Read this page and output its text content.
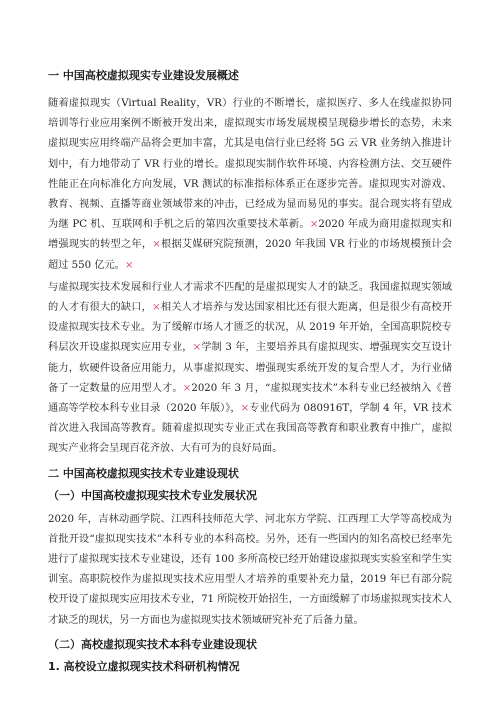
一 中国高校虚拟现实专业建设发展概述

随着虚拟现实（Virtual Reality，VR）行业的不断增长，虚拟医疗、多人在线虚拟协同培训等行业应用案例不断被开发出来，虚拟现实市场发展规模呈现稳步增长的态势，未来虚拟现实应用终端产品将会更加丰富，尤其是电信行业已经将 5G 云 VR 业务纳入推进计划中，有力地带动了 VR 行业的增长。虚拟现实制作软件环境、内容检测方法、交互硬件性能正在向标准化方向发展，VR 测试的标准指标体系正在逐步完善。虚拟现实对游戏、教育、视频、直播等商业领域带来的冲击，已经成为显而易见的事实。混合现实将有望成为继 PC 机、互联网和手机之后的第四次重要技术革新。×2020 年成为商用虚拟现实和增强现实的转型之年，×根据艾媒研究院预测，2020 年我国 VR 行业的市场规模预计会超过 550 亿元。×

与虚拟现实技术发展和行业人才需求不匹配的是虚拟现实人才的缺乏。我国虚拟现实领域的人才有很大的缺口，×相关人才培养与发达国家相比还有很大距离，但是很少有高校开设虚拟现实技术专业。为了缓解市场人才匮乏的状况，从 2019 年开始，全国高职院校专科层次开设虚拟现实应用专业，×学制 3 年，主要培养具有虚拟现实、增强现实交互设计能力，软硬件设备应用能力，从事虚拟现实、增强现实系统开发的复合型人才，为行业储备了一定数量的应用型人才。×2020 年 3 月，“虚拟现实技术”本科专业已经被纳入《普通高等学校本科专业目录（2020 年版）》，×专业代码为 080916T，学制 4 年，VR 技术首次进入我国高等教育。随着虚拟现实专业正式在我国高等教育和职业教育中推广，虚拟现实产业将会呈现百花齐放、大有可为的良好局面。

二 中国高校虚拟现实技术专业建设现状
（一）中国高校虚拟现实技术专业发展状况

2020 年，吉林动画学院、江西科技师范大学、河北东方学院、江西理工大学等高校成为首批开设“虚拟现实技术”本科专业的本科高校。另外，还有一些国内的知名高校已经率先进行了虚拟现实技术专业建设，还有 100 多所高校已经开始建设虚拟现实实验室和学生实训室。高职院校作为虚拟现实技术应用型人才培养的重要补充力量，2019 年已有部分院校开设了虚拟现实应用技术专业，71 所院校开始招生，一方面缓解了市场虚拟现实技术人才缺乏的现状，另一方面也为虚拟现实技术领域研究补充了后备力量。

（二）高校虚拟现实技术本科专业建设现状
1. 高校设立虚拟现实技术科研机构情况
